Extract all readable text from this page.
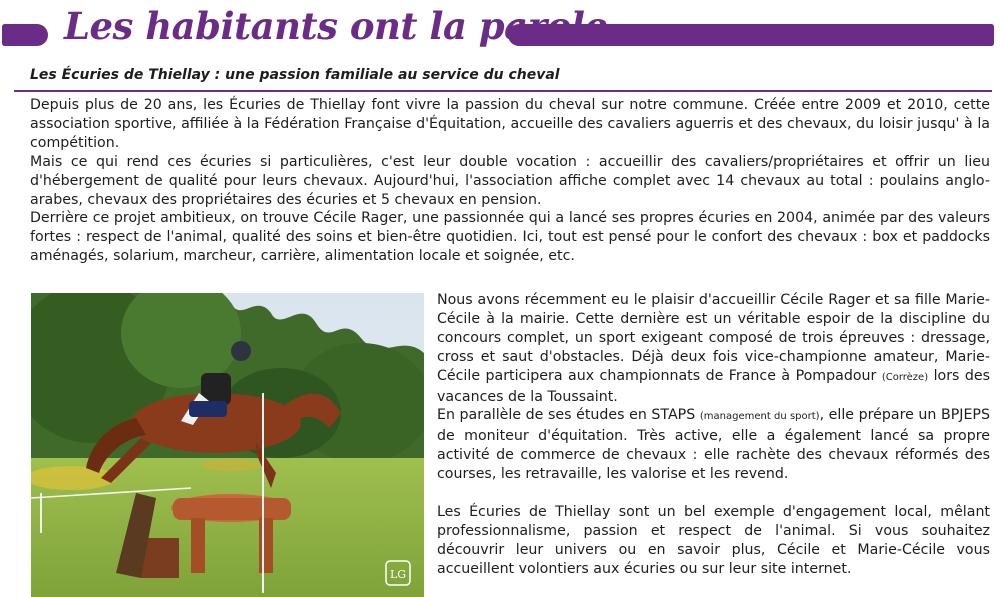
Les habitants ont la parole
Les Écuries de Thiellay : une passion familiale au service du cheval

Depuis plus de 20 ans, les Écuries de Thiellay font vivre la passion du cheval sur notre commune. Créée entre 2009 et 2010, cette association sportive, affiliée à la Fédération Française d'Équitation, accueille des cavaliers aguerris et des chevaux, du loisir jusqu' à la compétition.

Mais ce qui rend ces écuries si particulières, c'est leur double vocation : accueillir des cavaliers/propriétaires et offrir un lieu d'hébergement de qualité pour leurs chevaux. Aujourd'hui, l'association affiche complet avec 14 chevaux au total : poulains anglo-arabes, chevaux des propriétaires des écuries et 5 chevaux en pension.

Derrière ce projet ambitieux, on trouve Cécile Rager, une passionnée qui a lancé ses propres écuries en 2004, animée par des valeurs fortes : respect de l'animal, qualité des soins et bien-être quotidien. Ici, tout est pensé pour le confort des chevaux : box et paddocks aménagés, solarium, marcheur, carrière, alimentation locale et soignée, etc.

LG

Nous avons récemment eu le plaisir d'accueillir Cécile Rager et sa fille Marie-Cécile à la mairie. Cette dernière est un véritable espoir de la discipline du concours complet, un sport exigeant composé de trois épreuves : dressage, cross et saut d'obstacles. Déjà deux fois vice-championne amateur, Marie-Cécile participera aux championnats de France à Pompadour (Corrèze) lors des vacances de la Toussaint.

En parallèle de ses études en STAPS (management du sport), elle prépare un BPJEPS de moniteur d'équitation. Très active, elle a également lancé sa propre activité de commerce de chevaux : elle rachète des chevaux réformés des courses, les retravaille, les valorise et les revend.

Les Écuries de Thiellay sont un bel exemple d'engagement local, mêlant professionnalisme, passion et respect de l'animal. Si vous souhaitez découvrir leur univers ou en savoir plus, Cécile et Marie-Cécile vous accueillent volontiers aux écuries ou sur leur site internet.
